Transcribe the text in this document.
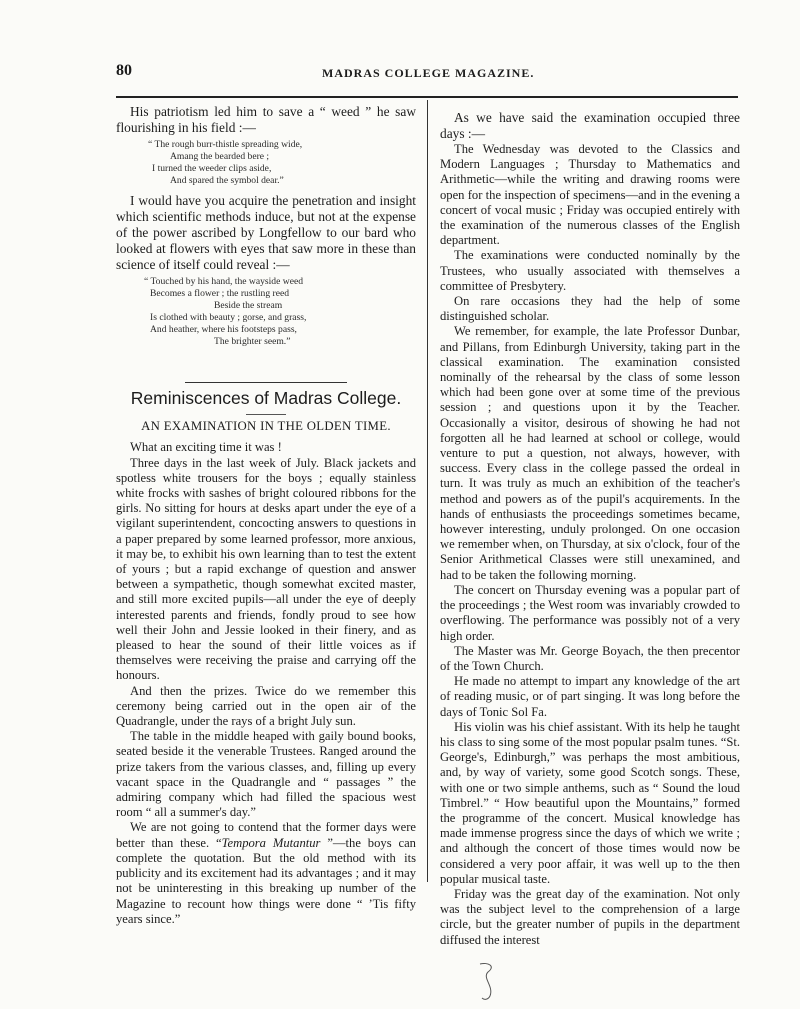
80	MADRAS COLLEGE MAGAZINE.

His patriotism led him to save a “ weed ” he saw flourishing in his field :—

“ The rough burr-thistle spreading wide,
Amang the bearded bere ;
I turned the weeder clips aside,
And spared the symbol dear.”

I would have you acquire the penetration and insight which scientific methods induce, but not at the expense of the power ascribed by Longfellow to our bard who looked at flowers with eyes that saw more in these than science of itself could reveal :—

“ Touched by his hand, the wayside weed
Becomes a flower ; the rustling reed
Beside the stream
Is clothed with beauty ; gorse, and grass,
And heather, where his footsteps pass,
The brighter seem.”
Reminiscences of Madras College.
AN EXAMINATION IN THE OLDEN TIME.

What an exciting time it was !

Three days in the last week of July. Black jackets and spotless white trousers for the boys ; equally stainless white frocks with sashes of bright coloured ribbons for the girls. No sitting for hours at desks apart under the eye of a vigilant superintendent, concocting answers to questions in a paper prepared by some learned professor, more anxious, it may be, to exhibit his own learning than to test the extent of yours ; but a rapid exchange of question and answer between a sympathetic, though somewhat excited master, and still more excited pupils—all under the eye of deeply interested parents and friends, fondly proud to see how well their John and Jessie looked in their finery, and as pleased to hear the sound of their little voices as if themselves were receiving the praise and carrying off the honours.

And then the prizes. Twice do we remember this ceremony being carried out in the open air of the Quadrangle, under the rays of a bright July sun.

The table in the middle heaped with gaily bound books, seated beside it the venerable Trustees. Ranged around the prize takers from the various classes, and, filling up every vacant space in the Quadrangle and “ passages ” the admiring company which had filled the spacious west room “ all a summer's day.”

We are not going to contend that the former days were better than these. “Tempora Mutantur ”—the boys can complete the quotation. But the old method with its publicity and its excitement had its advantages ; and it may not be uninteresting in this breaking up number of the Magazine to recount how things were done “ ’Tis fifty years since.”

As we have said the examination occupied three days :—

The Wednesday was devoted to the Classics and Modern Languages ; Thursday to Mathematics and Arithmetic—while the writing and drawing rooms were open for the inspection of specimens—and in the evening a concert of vocal music ; Friday was occupied entirely with the examination of the numerous classes of the English department.

The examinations were conducted nominally by the Trustees, who usually associated with themselves a committee of Presbytery.

On rare occasions they had the help of some distinguished scholar.

We remember, for example, the late Professor Dunbar, and Pillans, from Edinburgh University, taking part in the classical examination. The examination consisted nominally of the rehearsal by the class of some lesson which had been gone over at some time of the previous session ; and questions upon it by the Teacher. Occasionally a visitor, desirous of showing he had not forgotten all he had learned at school or college, would venture to put a question, not always, however, with success. Every class in the college passed the ordeal in turn. It was truly as much an exhibition of the teacher's method and powers as of the pupil's acquirements. In the hands of enthusiasts the proceedings sometimes became, however interesting, unduly prolonged. On one occasion we remember when, on Thursday, at six o'clock, four of the Senior Arithmetical Classes were still unexamined, and had to be taken the following morning.

The concert on Thursday evening was a popular part of the proceedings ; the West room was invariably crowded to overflowing. The performance was possibly not of a very high order.

The Master was Mr. George Boyach, the then precentor of the Town Church.

He made no attempt to impart any knowledge of the art of reading music, or of part singing. It was long before the days of Tonic Sol Fa.

His violin was his chief assistant. With its help he taught his class to sing some of the most popular psalm tunes. “St. George's, Edinburgh,” was perhaps the most ambitious, and, by way of variety, some good Scotch songs. These, with one or two simple anthems, such as “ Sound the loud Timbrel.” “ How beautiful upon the Mountains,” formed the programme of the concert. Musical knowledge has made immense progress since the days of which we write ; and although the concert of those times would now be considered a very poor affair, it was well up to the then popular musical taste.

Friday was the great day of the examination. Not only was the subject level to the comprehension of a large circle, but the greater number of pupils in the department diffused the interest
